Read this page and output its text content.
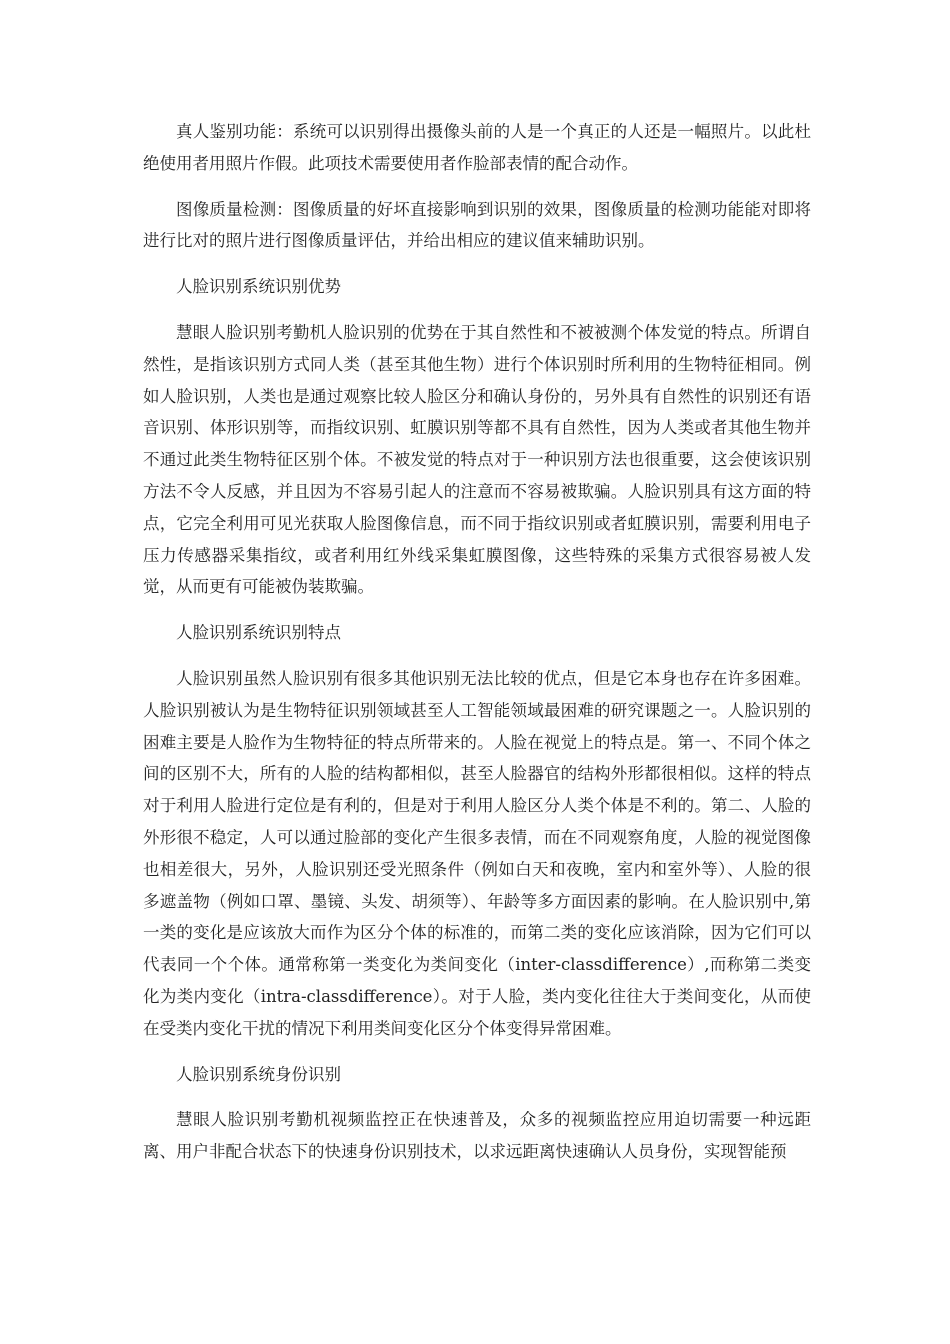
真人鉴别功能：系统可以识别得出摄像头前的人是一个真正的人还是一幅照片。以此杜绝使用者用照片作假。此项技术需要使用者作脸部表情的配合动作。

图像质量检测：图像质量的好坏直接影响到识别的效果，图像质量的检测功能能对即将进行比对的照片进行图像质量评估，并给出相应的建议值来辅助识别。

人脸识别系统识别优势

慧眼人脸识别考勤机人脸识别的优势在于其自然性和不被被测个体发觉的特点。所谓自然性，是指该识别方式同人类（甚至其他生物）进行个体识别时所利用的生物特征相同。例如人脸识别，人类也是通过观察比较人脸区分和确认身份的，另外具有自然性的识别还有语音识别、体形识别等，而指纹识别、虹膜识别等都不具有自然性，因为人类或者其他生物并不通过此类生物特征区别个体。不被发觉的特点对于一种识别方法也很重要，这会使该识别方法不令人反感，并且因为不容易引起人的注意而不容易被欺骗。人脸识别具有这方面的特点，它完全利用可见光获取人脸图像信息，而不同于指纹识别或者虹膜识别，需要利用电子压力传感器采集指纹，或者利用红外线采集虹膜图像，这些特殊的采集方式很容易被人发觉，从而更有可能被伪装欺骗。

人脸识别系统识别特点

人脸识别虽然人脸识别有很多其他识别无法比较的优点，但是它本身也存在许多困难。人脸识别被认为是生物特征识别领域甚至人工智能领域最困难的研究课题之一。人脸识别的困难主要是人脸作为生物特征的特点所带来的。人脸在视觉上的特点是。第一、不同个体之间的区别不大，所有的人脸的结构都相似，甚至人脸器官的结构外形都很相似。这样的特点对于利用人脸进行定位是有利的，但是对于利用人脸区分人类个体是不利的。第二、人脸的外形很不稳定，人可以通过脸部的变化产生很多表情，而在不同观察角度，人脸的视觉图像也相差很大，另外，人脸识别还受光照条件（例如白天和夜晚，室内和室外等）、人脸的很多遮盖物（例如口罩、墨镜、头发、胡须等）、年龄等多方面因素的影响。在人脸识别中,第一类的变化是应该放大而作为区分个体的标准的，而第二类的变化应该消除，因为它们可以代表同一个个体。通常称第一类变化为类间变化（inter-classdifference）,而称第二类变化为类内变化（intra-classdifference）。对于人脸，类内变化往往大于类间变化，从而使在受类内变化干扰的情况下利用类间变化区分个体变得异常困难。

人脸识别系统身份识别

慧眼人脸识别考勤机视频监控正在快速普及，众多的视频监控应用迫切需要一种远距离、用户非配合状态下的快速身份识别技术，以求远距离快速确认人员身份，实现智能预
